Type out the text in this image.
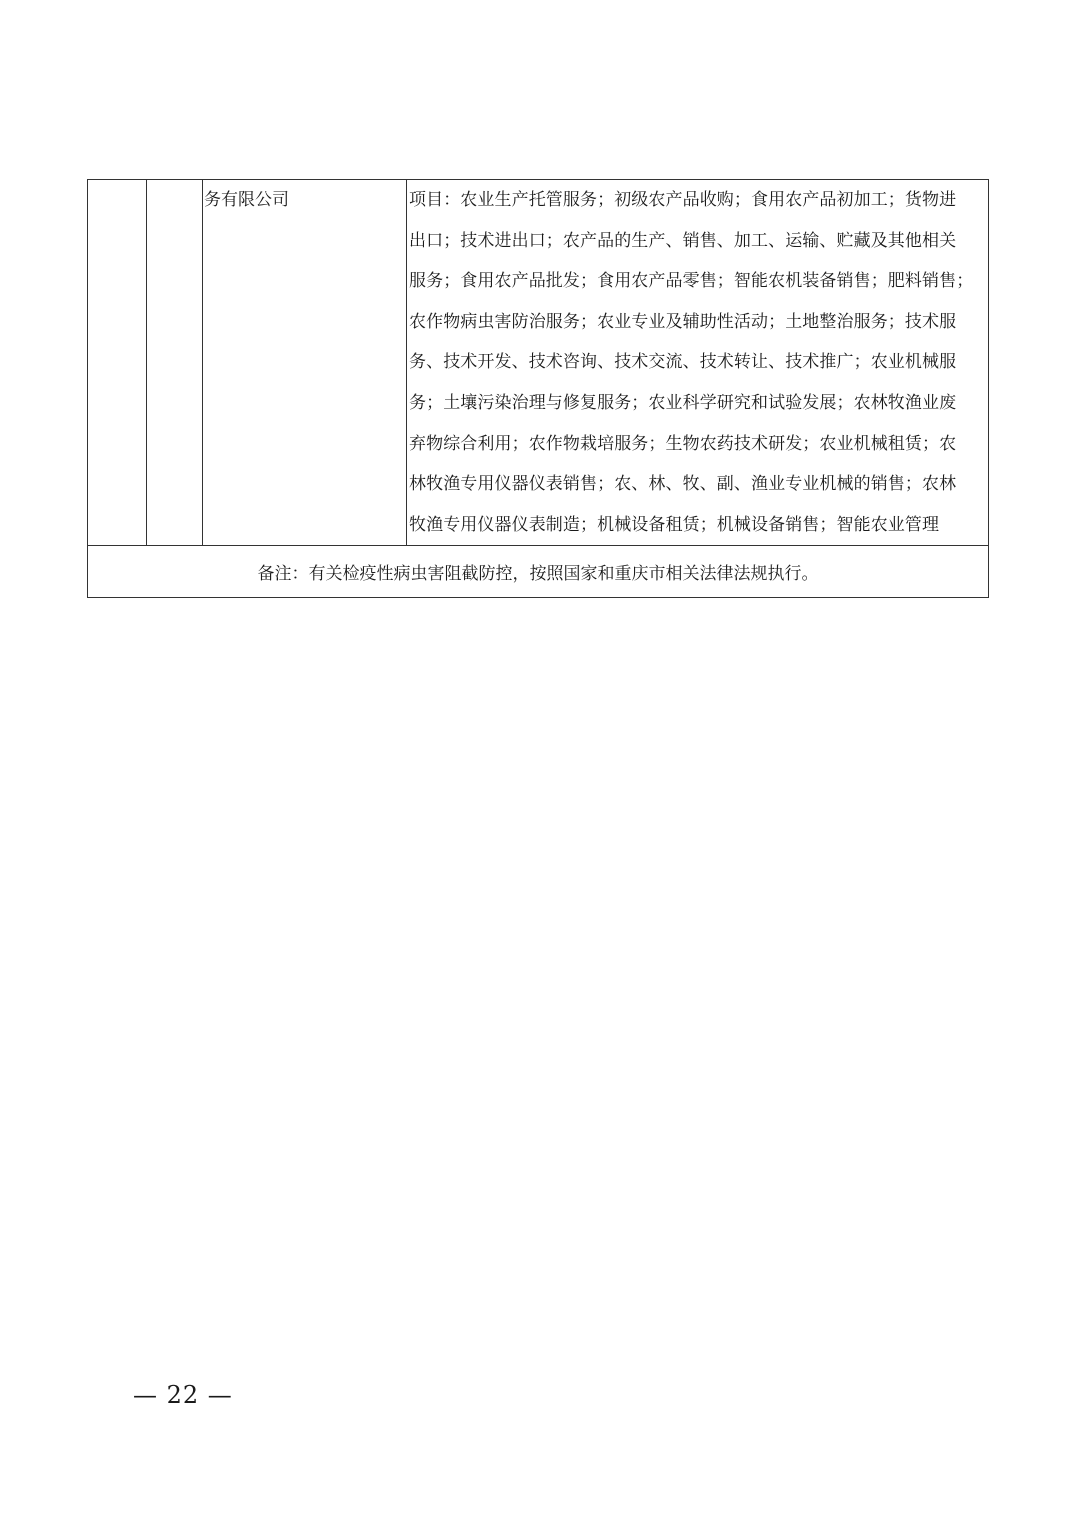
		务有限公司	项目：农业生产托管服务；初级农产品收购；食用农产品初加工；货物进
出口；技术进出口；农产品的生产、销售、加工、运输、贮藏及其他相关
服务；食用农产品批发；食用农产品零售；智能农机装备销售；肥料销售；
农作物病虫害防治服务；农业专业及辅助性活动；土地整治服务；技术服
务、技术开发、技术咨询、技术交流、技术转让、技术推广；农业机械服
务；土壤污染治理与修复服务；农业科学研究和试验发展；农林牧渔业废
弃物综合利用；农作物栽培服务；生物农药技术研发；农业机械租赁；农
林牧渔专用仪器仪表销售；农、林、牧、副、渔业专业机械的销售；农林
牧渔专用仪器仪表制造；机械设备租赁；机械设备销售；智能农业管理

备注：有关检疫性病虫害阻截防控，按照国家和重庆市相关法律法规执行。
— 22 —
